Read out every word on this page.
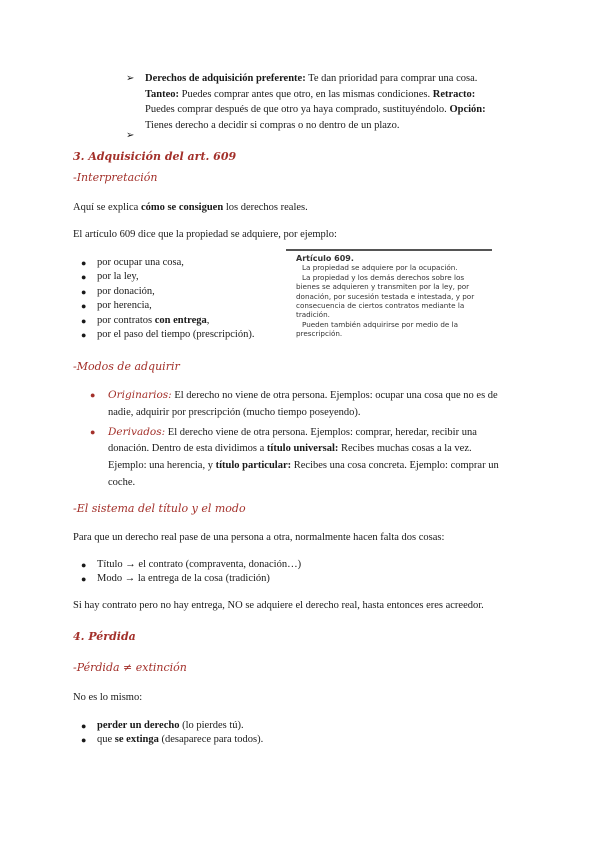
➢ Derechos de adquisición preferente: Te dan prioridad para comprar una cosa.
Tanteo: Puedes comprar antes que otro, en las mismas condiciones. Retracto:
Puedes comprar después de que otro ya haya comprado, sustituyéndolo. Opción:
Tienes derecho a decidir si compras o no dentro de un plazo.
➢
3. Adquisición del art. 609
-Interpretación
Aquí se explica cómo se consiguen los derechos reales.
El artículo 609 dice que la propiedad se adquiere, por ejemplo:
● por ocupar una cosa,
● por la ley,
● por donación,
● por herencia,
● por contratos con entrega,
● por el paso del tiempo (prescripción).
Artículo 609.
La propiedad se adquiere por la ocupación.
La propiedad y los demás derechos sobre los
bienes se adquieren y transmiten por la ley, por
donación, por sucesión testada e intestada, y por
consecuencia de ciertos contratos mediante la
tradición.
Pueden también adquirirse por medio de la
prescripción.
-Modos de adquirir
● Originarios: El derecho no viene de otra persona. Ejemplos: ocupar una cosa que no es de
nadie, adquirir por prescripción (mucho tiempo poseyendo).
● Derivados: El derecho viene de otra persona. Ejemplos: comprar, heredar, recibir una
donación. Dentro de esta dividimos a título universal: Recibes muchas cosas a la vez.
Ejemplo: una herencia, y título particular: Recibes una cosa concreta. Ejemplo: comprar un
coche.
-El sistema del título y el modo
Para que un derecho real pase de una persona a otra, normalmente hacen falta dos cosas:
● Título → el contrato (compraventa, donación…)
● Modo → la entrega de la cosa (tradición)
Si hay contrato pero no hay entrega, NO se adquiere el derecho real, hasta entonces eres acreedor.
4. Pérdida
-Pérdida ≠ extinción
No es lo mismo:
● perder un derecho (lo pierdes tú).
● que se extinga (desaparece para todos).
